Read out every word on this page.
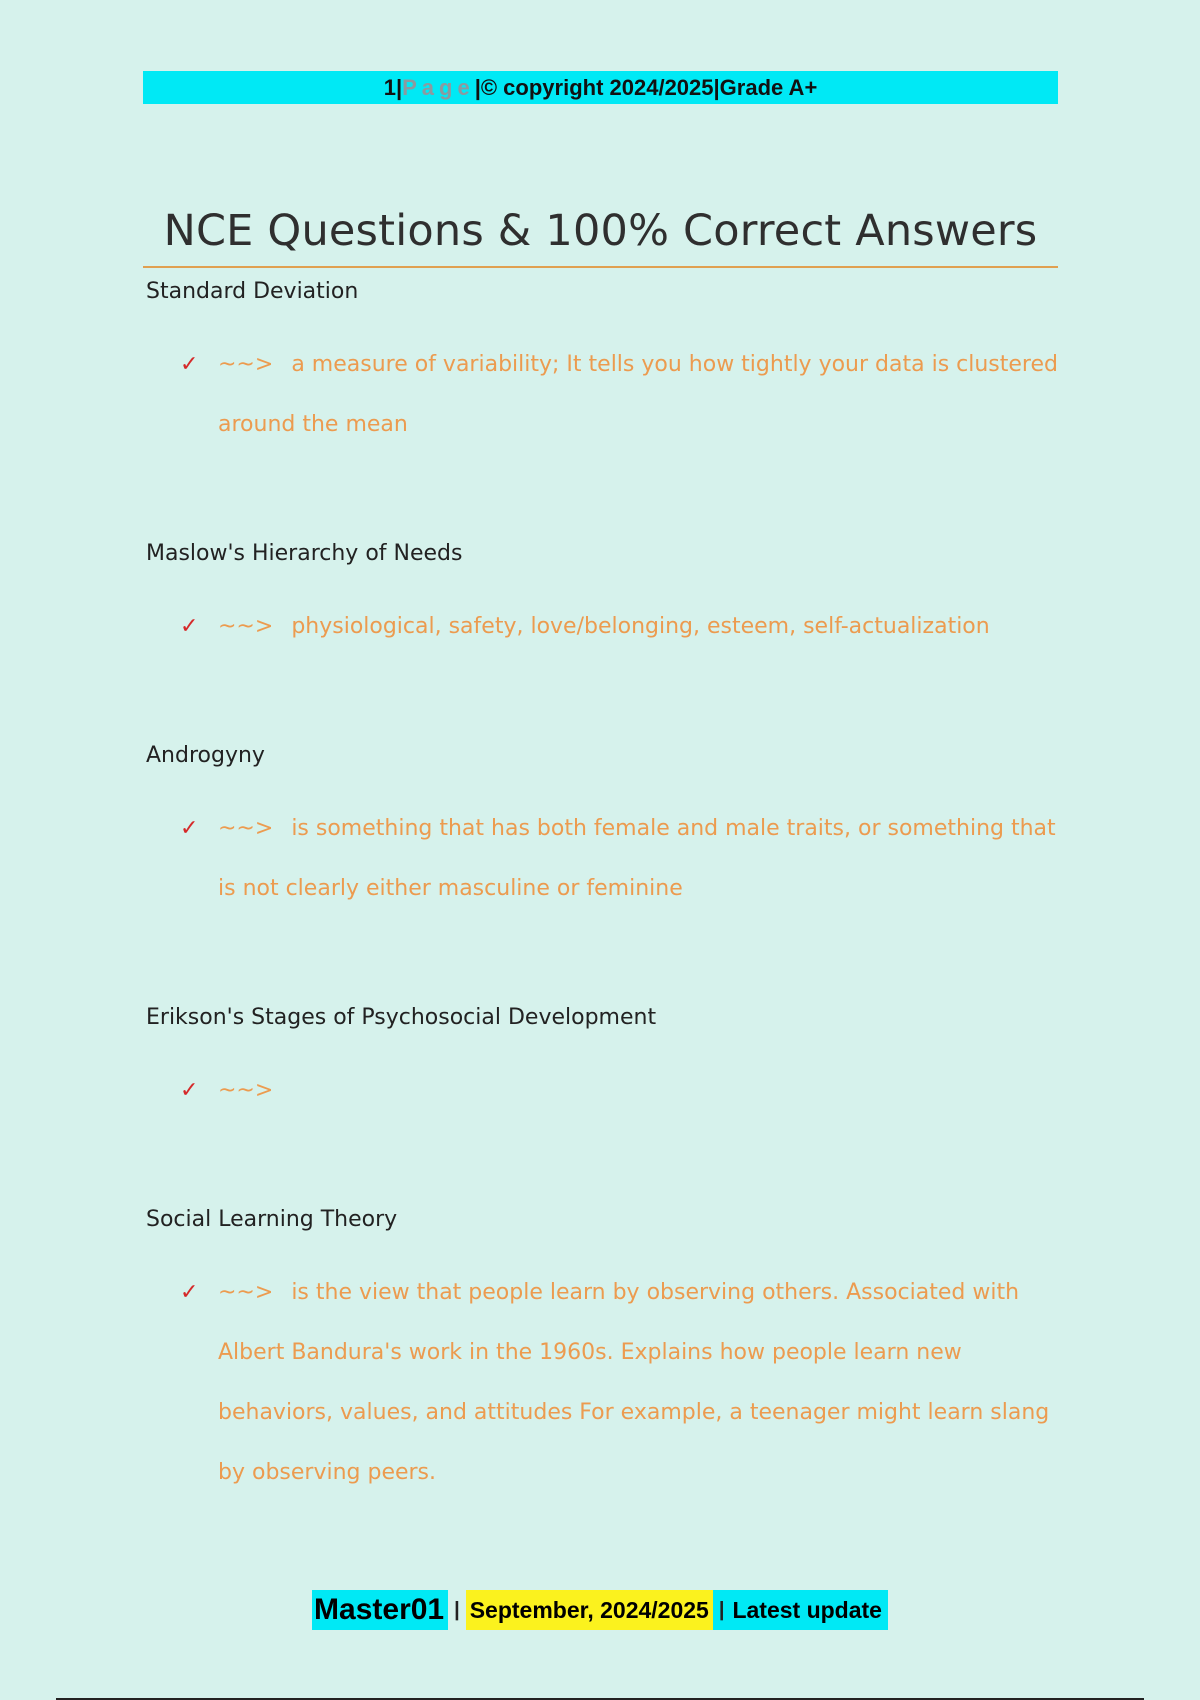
1 | Page | © copyright 2024/2025 | Grade A+
NCE Questions & 100% Correct Answers
Standard Deviation
✓ ~~> a measure of variability; It tells you how tightly your data is clustered around the mean
Maslow's Hierarchy of Needs
✓ ~~> physiological, safety, love/belonging, esteem, self-actualization
Androgyny
✓ ~~> is something that has both female and male traits, or something that is not clearly either masculine or feminine
Erikson's Stages of Psychosocial Development
✓ ~~>
Social Learning Theory
✓ ~~> is the view that people learn by observing others. Associated with Albert Bandura's work in the 1960s. Explains how people learn new behaviors, values, and attitudes For example, a teenager might learn slang by observing peers.
Master01 | September, 2024/2025 | Latest update
